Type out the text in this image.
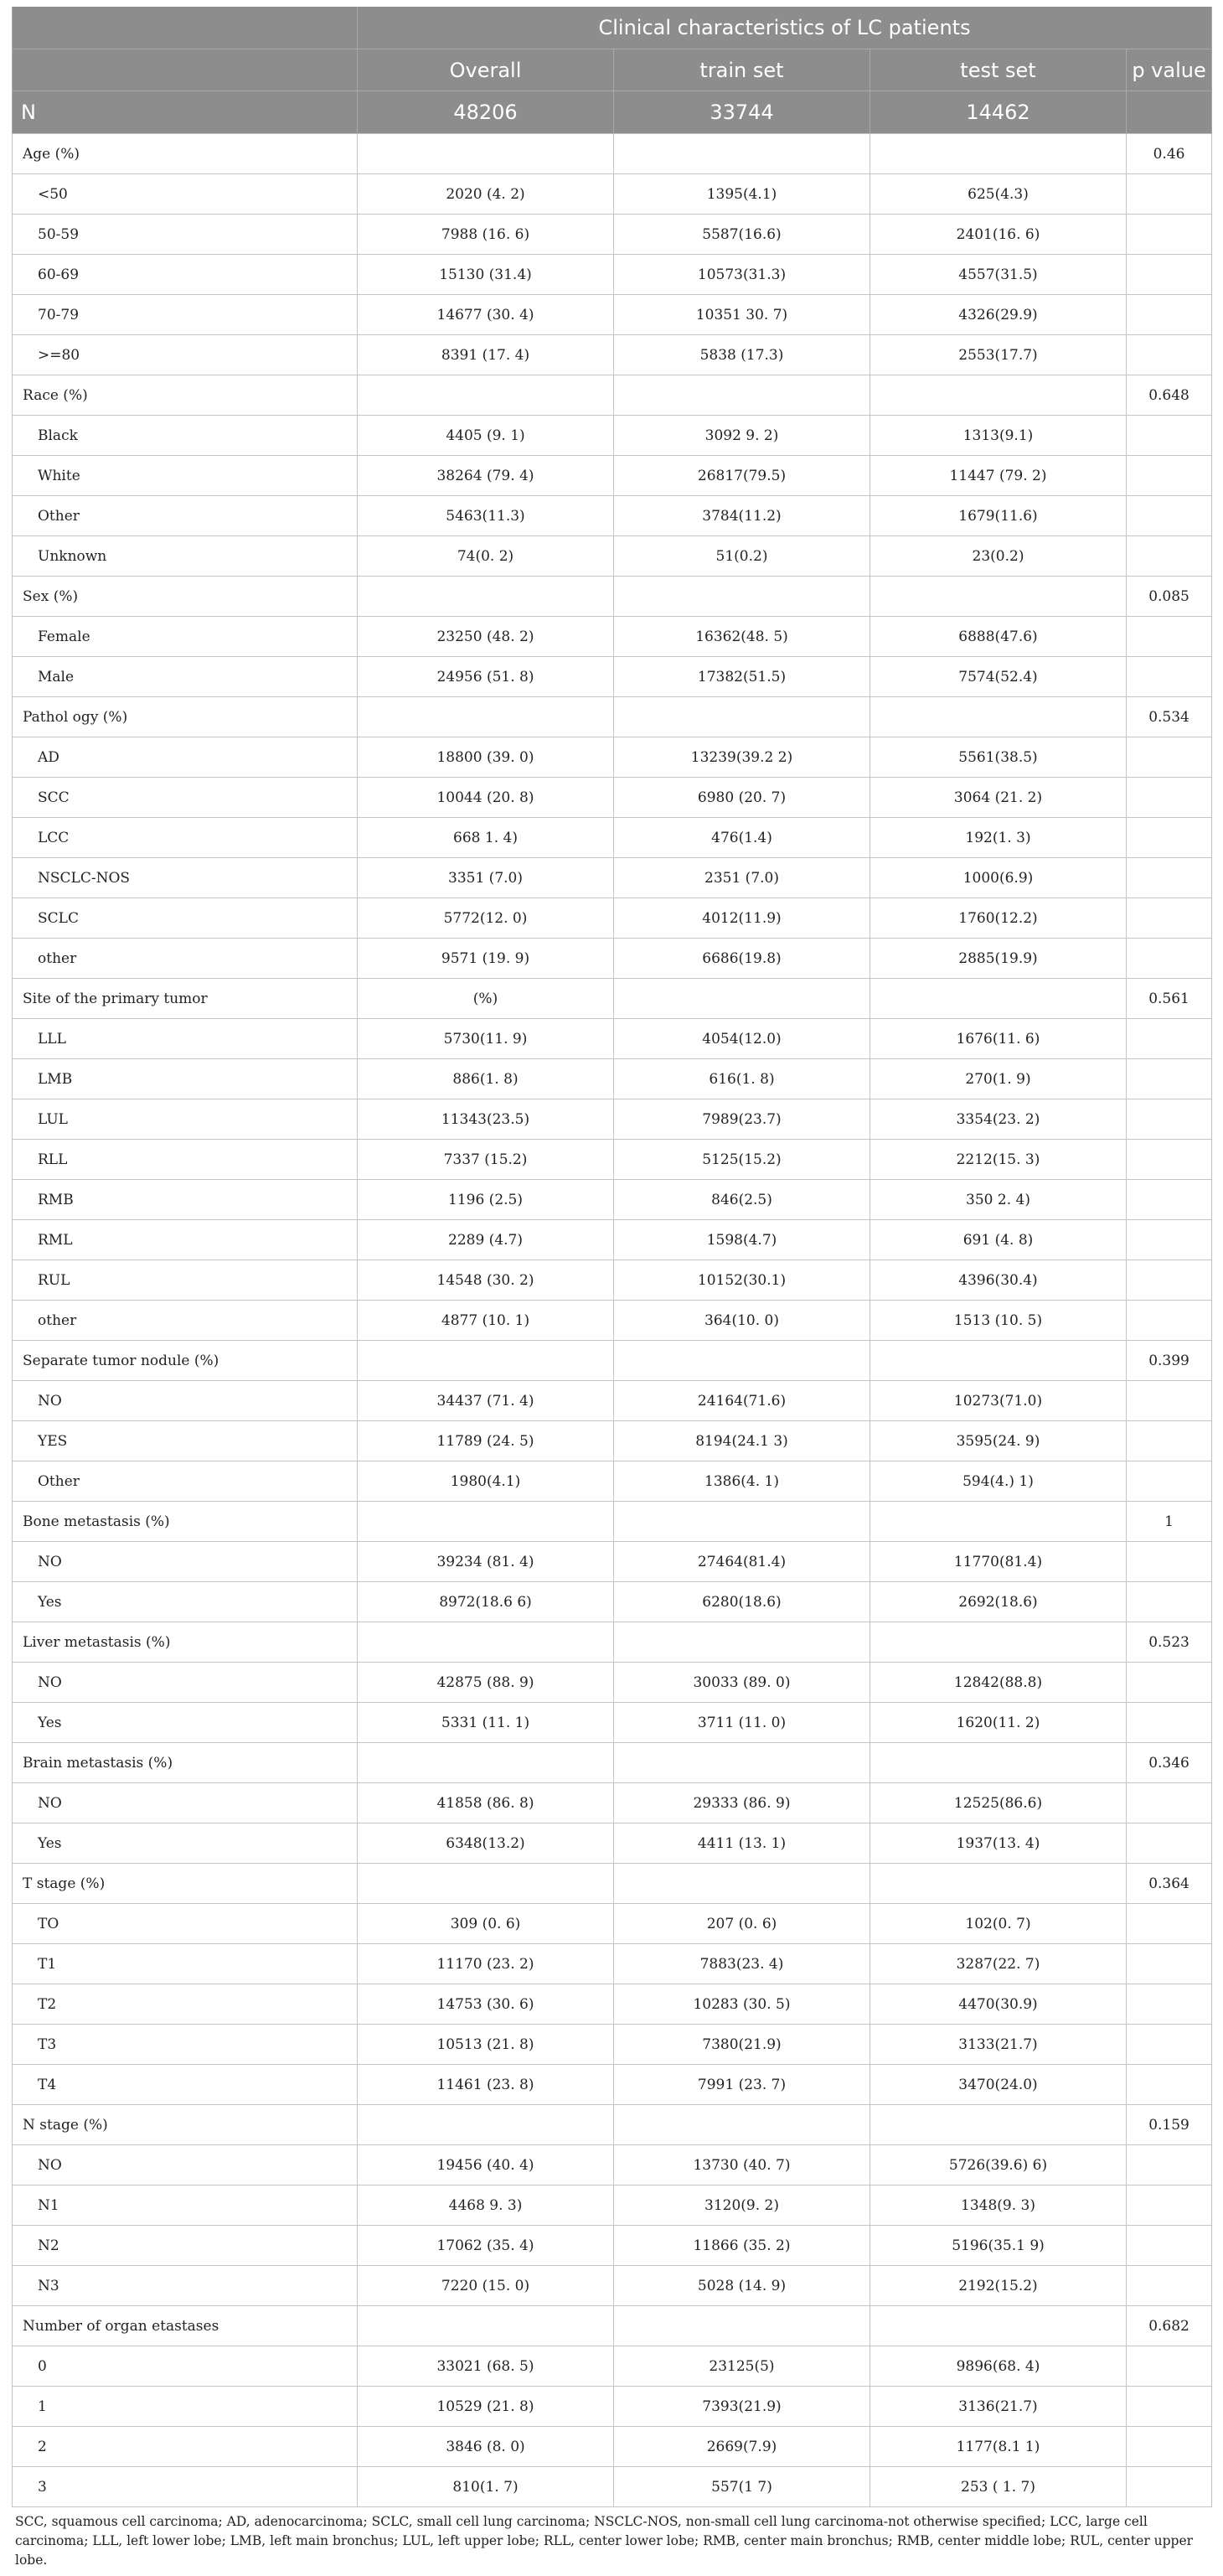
	Clinical characteristics of LC patients			
	Overall	train set	test set	p value
N	48206	33744	14462	
Age (%)				0.46
<50	2020 (4. 2)	1395(4.1)	625(4.3)	
50-59	7988 (16. 6)	5587(16.6)	2401(16. 6)	
60-69	15130 (31.4)	10573(31.3)	4557(31.5)	
70-79	14677 (30. 4)	10351 30. 7)	4326(29.9)	
>=80	8391 (17. 4)	5838 (17.3)	2553(17.7)	
Race (%)				0.648
Black	4405 (9. 1)	3092 9. 2)	1313(9.1)	
White	38264 (79. 4)	26817(79.5)	11447 (79. 2)	
Other	5463(11.3)	3784(11.2)	1679(11.6)	
Unknown	74(0. 2)	51(0.2)	23(0.2)	
Sex (%)				0.085
Female	23250 (48. 2)	16362(48. 5)	6888(47.6)	
Male	24956 (51. 8)	17382(51.5)	7574(52.4)	
Pathol ogy (%)				0.534
AD	18800 (39. 0)	13239(39.2 2)	5561(38.5)	
SCC	10044 (20. 8)	6980 (20. 7)	3064 (21. 2)	
LCC	668 1. 4)	476(1.4)	192(1. 3)	
NSCLC-NOS	3351 (7.0)	2351 (7.0)	1000(6.9)	
SCLC	5772(12. 0)	4012(11.9)	1760(12.2)	
other	9571 (19. 9)	6686(19.8)	2885(19.9)	
Site of the primary tumor	(%)			0.561
LLL	5730(11. 9)	4054(12.0)	1676(11. 6)	
LMB	886(1. 8)	616(1. 8)	270(1. 9)	
LUL	11343(23.5)	7989(23.7)	3354(23. 2)	
RLL	7337 (15.2)	5125(15.2)	2212(15. 3)	
RMB	1196 (2.5)	846(2.5)	350 2. 4)	
RML	2289 (4.7)	1598(4.7)	691 (4. 8)	
RUL	14548 (30. 2)	10152(30.1)	4396(30.4)	
other	4877 (10. 1)	364(10. 0)	1513 (10. 5)	
Separate tumor nodule (%)				0.399
NO	34437 (71. 4)	24164(71.6)	10273(71.0)	
YES	11789 (24. 5)	8194(24.1 3)	3595(24. 9)	
Other	1980(4.1)	1386(4. 1)	594(4.) 1)	
Bone metastasis (%)				1
NO	39234 (81. 4)	27464(81.4)	11770(81.4)	
Yes	8972(18.6 6)	6280(18.6)	2692(18.6)	
Liver metastasis (%)				0.523
NO	42875 (88. 9)	30033 (89. 0)	12842(88.8)	
Yes	5331 (11. 1)	3711 (11. 0)	1620(11. 2)	
Brain metastasis (%)				0.346
NO	41858 (86. 8)	29333 (86. 9)	12525(86.6)	
Yes	6348(13.2)	4411 (13. 1)	1937(13. 4)	
T stage (%)				0.364
TO	309 (0. 6)	207 (0. 6)	102(0. 7)	
T1	11170 (23. 2)	7883(23. 4)	3287(22. 7)	
T2	14753 (30. 6)	10283 (30. 5)	4470(30.9)	
T3	10513 (21. 8)	7380(21.9)	3133(21.7)	
T4	11461 (23. 8)	7991 (23. 7)	3470(24.0)	
N stage (%)				0.159
NO	19456 (40. 4)	13730 (40. 7)	5726(39.6) 6)	
N1	4468 9. 3)	3120(9. 2)	1348(9. 3)	
N2	17062 (35. 4)	11866 (35. 2)	5196(35.1 9)	
N3	7220 (15. 0)	5028 (14. 9)	2192(15.2)	
Number of organ etastases				0.682
0	33021 (68. 5)	23125(5)	9896(68. 4)	
1	10529 (21. 8)	7393(21.9)	3136(21.7)	
2	3846 (8. 0)	2669(7.9)	1177(8.1 1)	
3	810(1. 7)	557(1 7)	253 ( 1. 7)	
SCC, squamous cell carcinoma; AD, adenocarcinoma; SCLC, small cell lung carcinoma; NSCLC-NOS, non-small cell lung carcinoma-not otherwise specified; LCC, large cell carcinoma; LLL, left lower lobe; LMB, left main bronchus; LUL, left upper lobe; RLL, center lower lobe; RMB, center main bronchus; RMB, center middle lobe; RUL, center upper lobe.
